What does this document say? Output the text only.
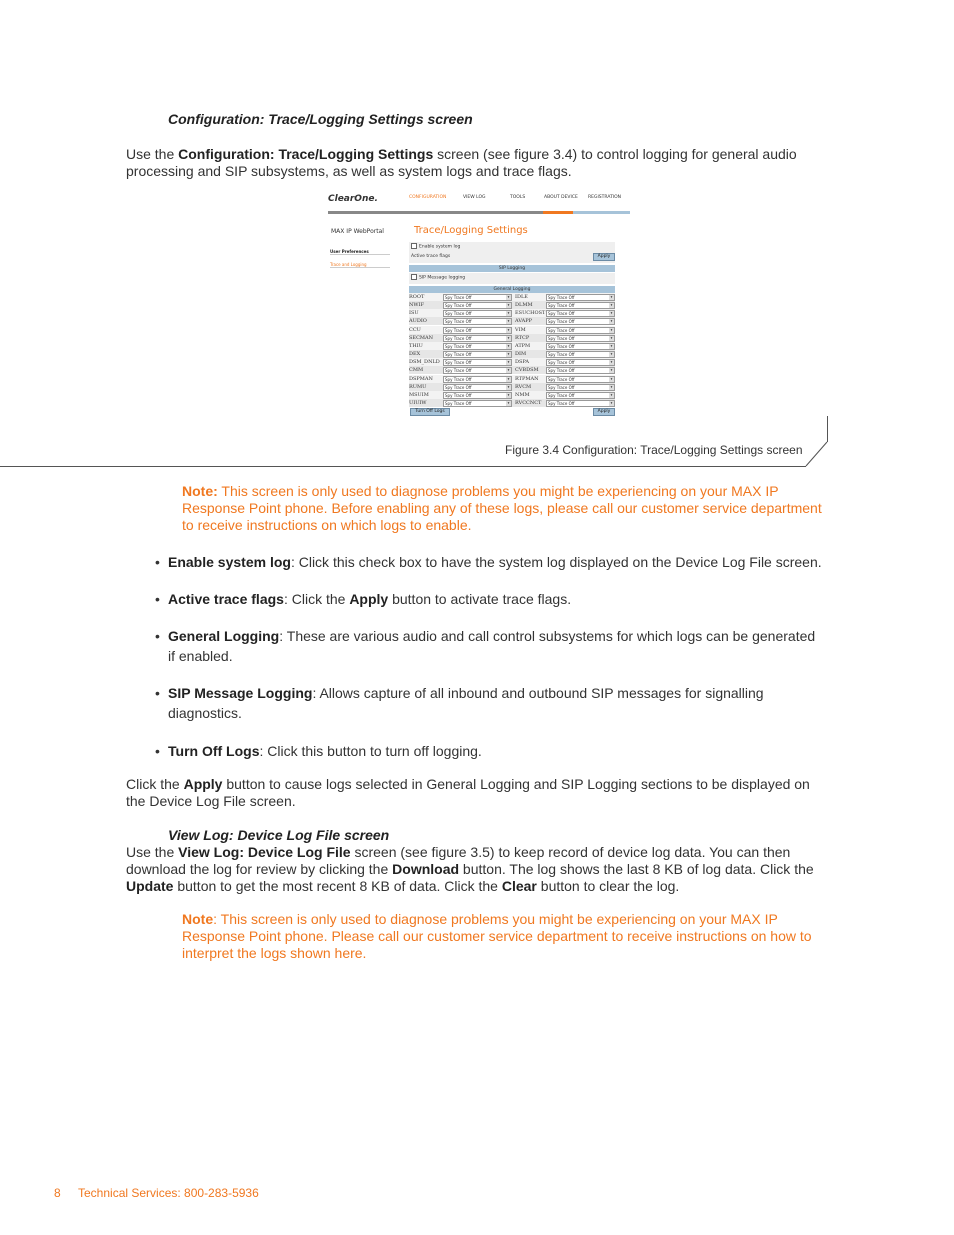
Configuration: Trace/Logging Settings screen
Use the Configuration: Trace/Logging Settings screen (see figure 3.4) to control logging for general audio processing and SIP subsystems, as well as system logs and trace flags.
ClearOne.	CONFIGURATION	VIEW LOG	TOOLS	ABOUT DEVICE REGISTRATION
MAX IP WebPortal
User Preferences
Trace and Logging
Trace/Logging Settings
Enable system log
Active trace flags	Apply
SIP Logging
SIP Message logging
General Logging
ROOT	Spy Trace Off	▾	IDLE	Spy Trace Off	▾
NWIF	Spy Trace Off	▾	DLMM	Spy Trace Off	▾
ISU	Spy Trace Off	▾	ESUCHOST Spy Trace Off	▾
AUDIO	Spy Trace Off	▾	AVAPP	Spy Trace Off	▾
CCU	Spy Trace Off	▾	VIM	Spy Trace Off	▾
SECMAN	Spy Trace Off	▾	RTCP	Spy Trace Off	▾
THIU	Spy Trace Off	▾	ATPM	Spy Trace Off	▾
DEX	Spy Trace Off	▾	DIM	Spy Trace Off	▾
DSM_DNLD	Spy Trace Off	▾	DSPA	Spy Trace Off	▾
CMM	Spy Trace Off	▾	CVBDSM	Spy Trace Off	▾
DSPMAN	Spy Trace Off	▾	RTPMAN	Spy Trace Off	▾
RUMU	Spy Trace Off	▾	RVCM	Spy Trace Off	▾
MSUIM	Spy Trace Off	▾	NMM	Spy Trace Off	▾
UIUIW	Spy Trace Off	▾	RVCCNCT	Spy Trace Off	▾
Turn Off Logs	Apply
Figure 3.4 Configuration: Trace/Logging Settings screen
Note: This screen is only used to diagnose problems you might be experiencing on your MAX IP Response Point phone. Before enabling any of these logs, please call our customer service department to receive instructions on which logs to enable.
• Enable system log: Click this check box to have the system log displayed on the Device Log File screen.
• Active trace flags: Click the Apply button to activate trace flags.
• General Logging: These are various audio and call control subsystems for which logs can be generated if enabled.
• SIP Message Logging: Allows capture of all inbound and outbound SIP messages for signalling diagnostics.
• Turn Off Logs: Click this button to turn off logging.
Click the Apply button to cause logs selected in General Logging and SIP Logging sections to be displayed on the Device Log File screen.
View Log: Device Log File screen
Use the View Log: Device Log File screen (see figure 3.5) to keep record of device log data. You can then download the log for review by clicking the Download button. The log shows the last 8 KB of log data. Click the Update button to get the most recent 8 KB of data. Click the Clear button to clear the log.
Note: This screen is only used to diagnose problems you might be experiencing on your MAX IP Response Point phone. Please call our customer service department to receive instructions on how to interpret the logs shown here.
8 Technical Services: 800-283-5936
